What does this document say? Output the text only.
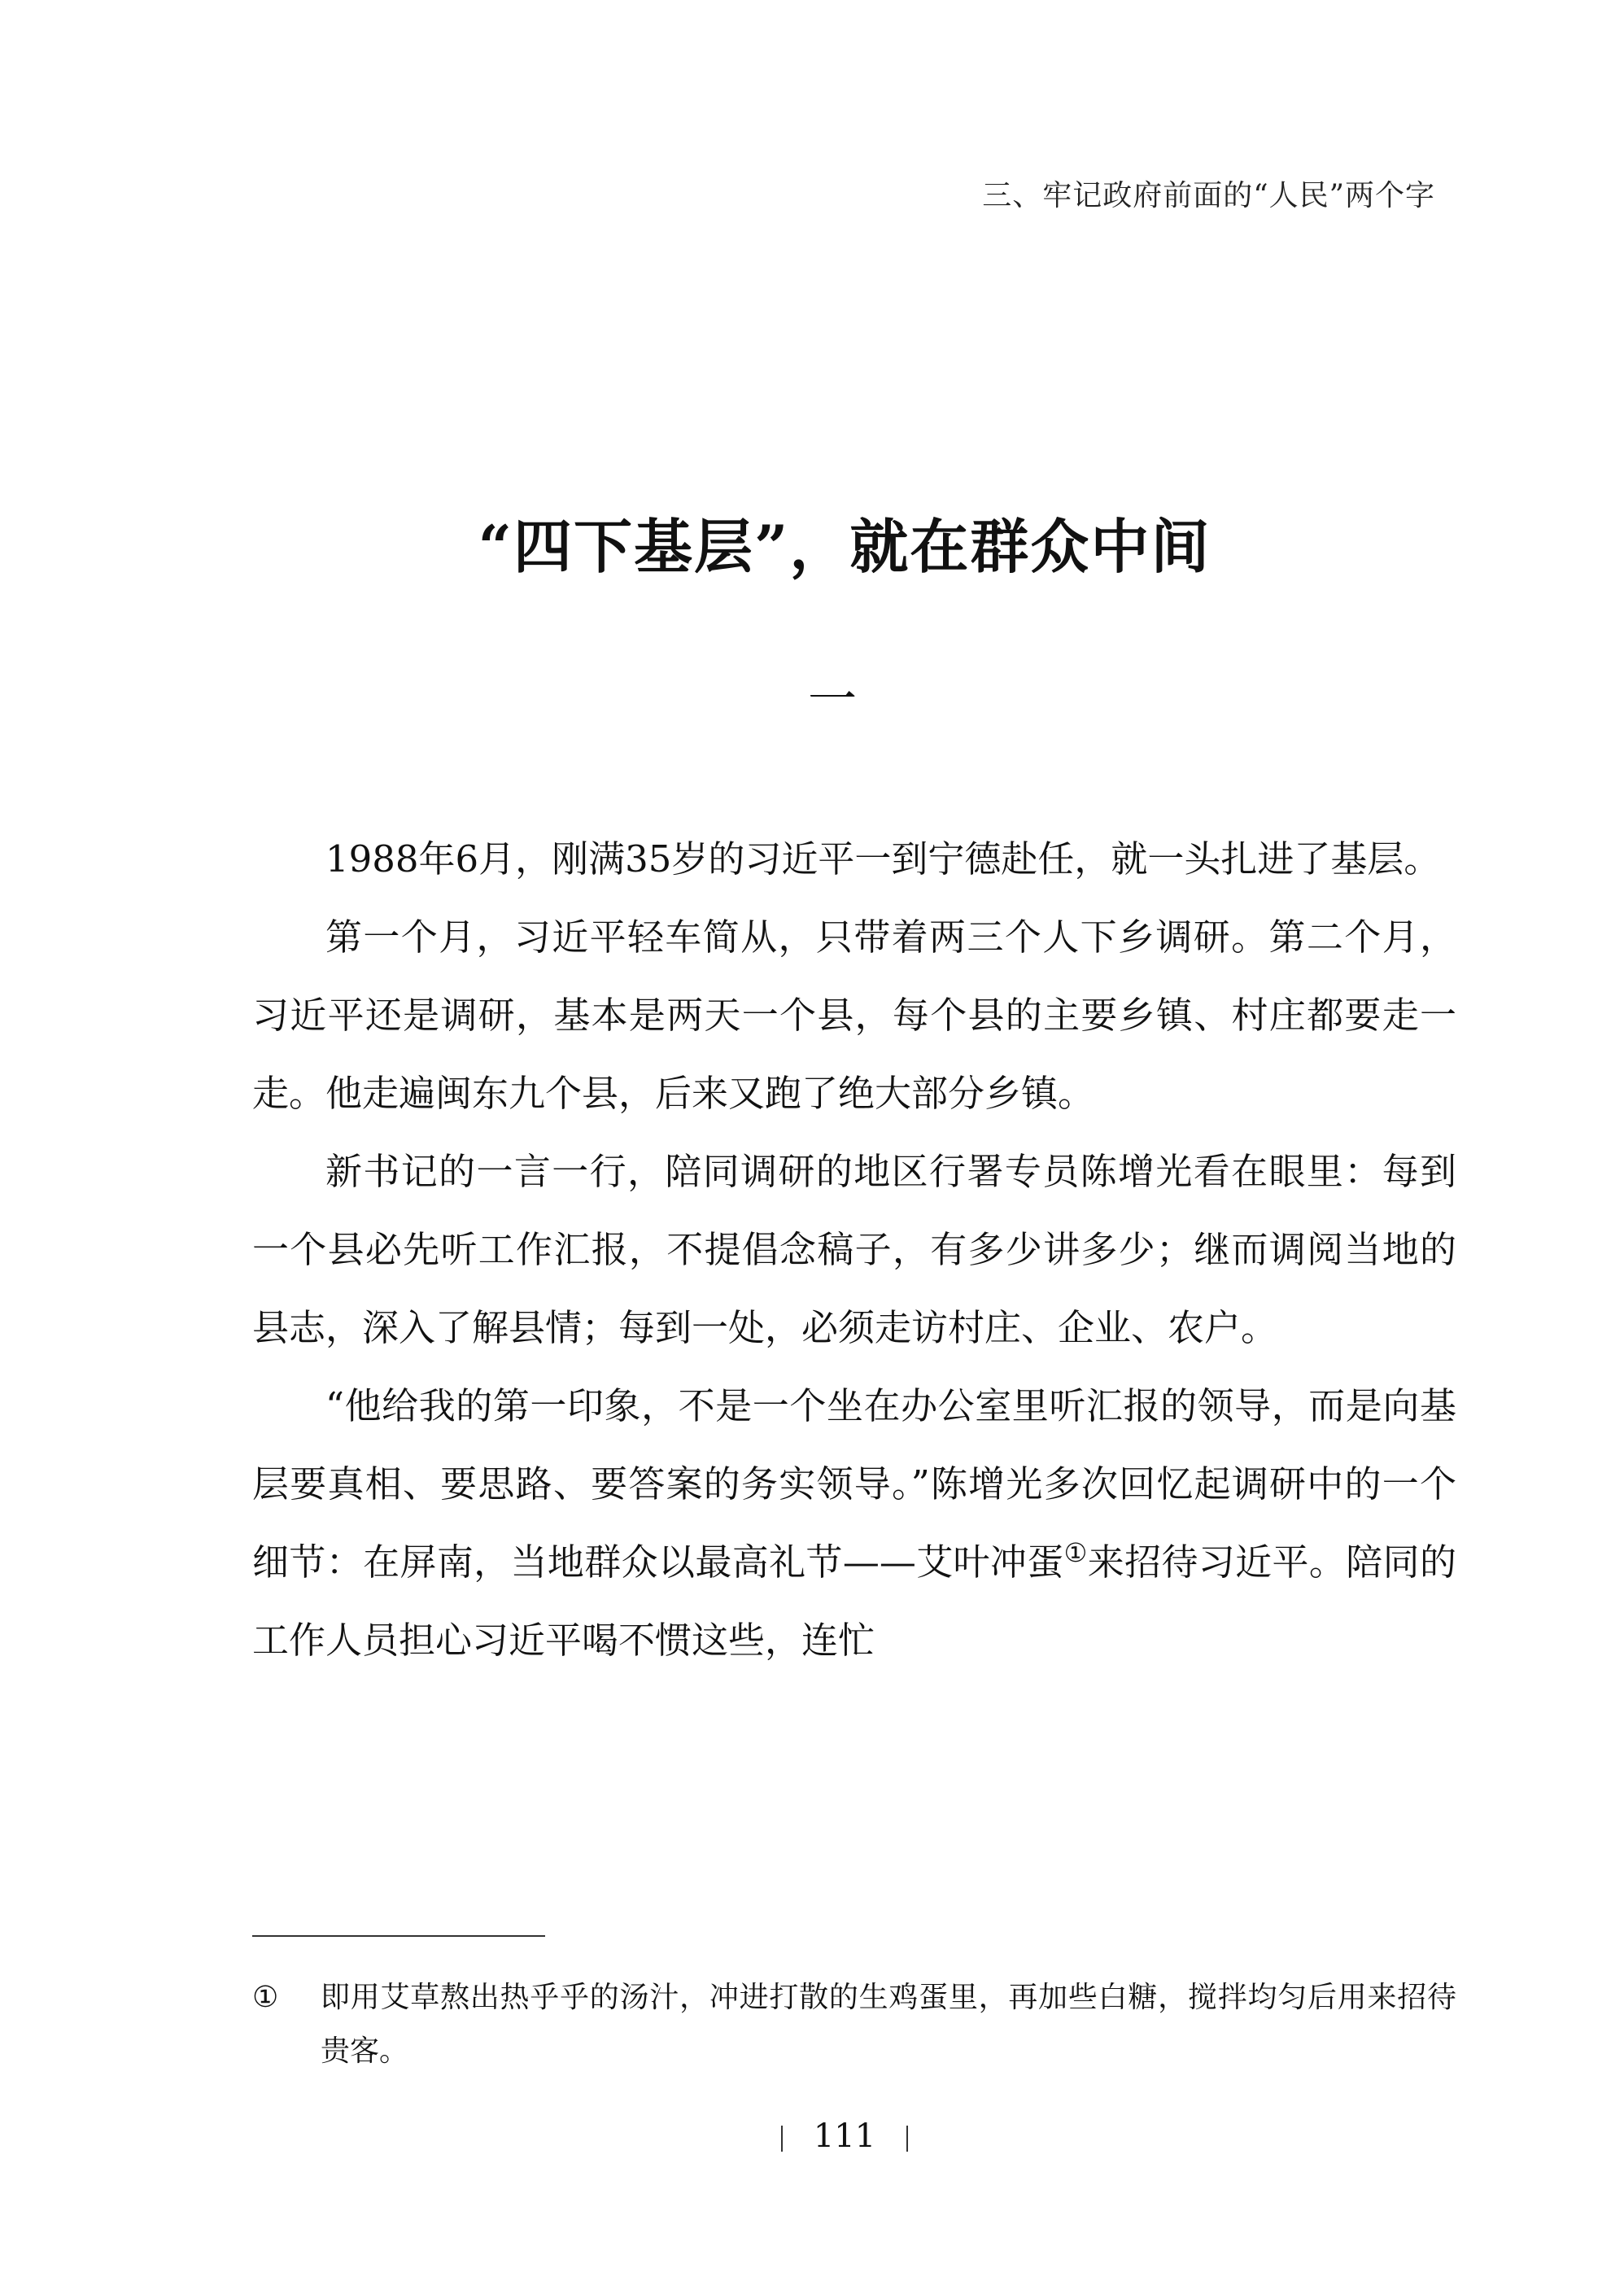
三、牢记政府前面的“人民”两个字
“四下基层”，就在群众中间
一

1988年6月，刚满35岁的习近平一到宁德赴任，就一头扎进了基层。

第一个月，习近平轻车简从，只带着两三个人下乡调研。第二个月，习近平还是调研，基本是两天一个县，每个县的主要乡镇、村庄都要走一走。他走遍闽东九个县，后来又跑了绝大部分乡镇。

新书记的一言一行，陪同调研的地区行署专员陈增光看在眼里：每到一个县必先听工作汇报，不提倡念稿子，有多少讲多少；继而调阅当地的县志，深入了解县情；每到一处，必须走访村庄、企业、农户。

“他给我的第一印象，不是一个坐在办公室里听汇报的领导，而是向基层要真相、要思路、要答案的务实领导。”陈增光多次回忆起调研中的一个细节：在屏南，当地群众以最高礼节——艾叶冲蛋①来招待习近平。陪同的工作人员担心习近平喝不惯这些，连忙

①	即用艾草熬出热乎乎的汤汁，冲进打散的生鸡蛋里，再加些白糖，搅拌均匀后用来招待贵客。
111
